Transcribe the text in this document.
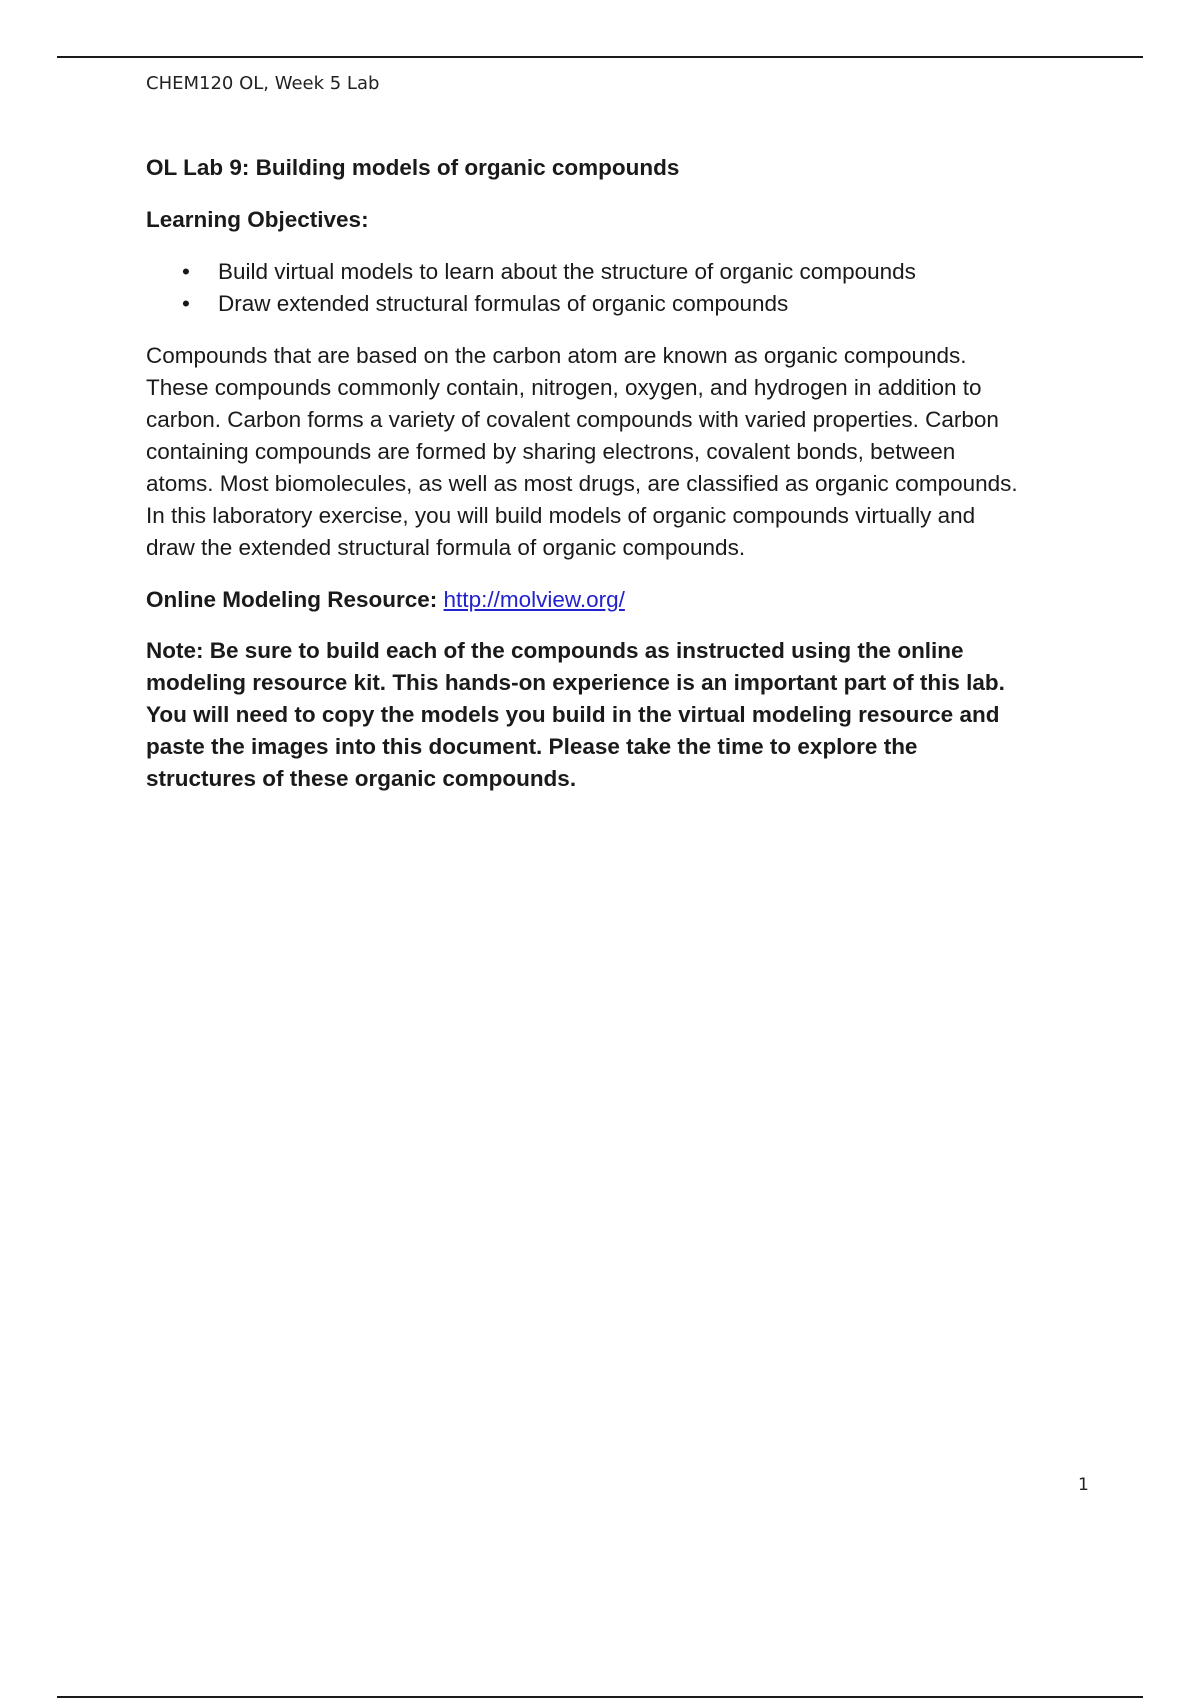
CHEM120 OL, Week 5 Lab
OL Lab 9: Building models of organic compounds
Learning Objectives:
• Build virtual models to learn about the structure of organic compounds
• Draw extended structural formulas of organic compounds
Compounds that are based on the carbon atom are known as organic compounds.
These compounds commonly contain, nitrogen, oxygen, and hydrogen in addition to
carbon. Carbon forms a variety of covalent compounds with varied properties. Carbon
containing compounds are formed by sharing electrons, covalent bonds, between
atoms. Most biomolecules, as well as most drugs, are classified as organic compounds.
In this laboratory exercise, you will build models of organic compounds virtually and
draw the extended structural formula of organic compounds.
Online Modeling Resource: http://molview.org/
Note: Be sure to build each of the compounds as instructed using the online
modeling resource kit. This hands-on experience is an important part of this lab.
You will need to copy the models you build in the virtual modeling resource and
paste the images into this document. Please take the time to explore the
structures of these organic compounds.
1
